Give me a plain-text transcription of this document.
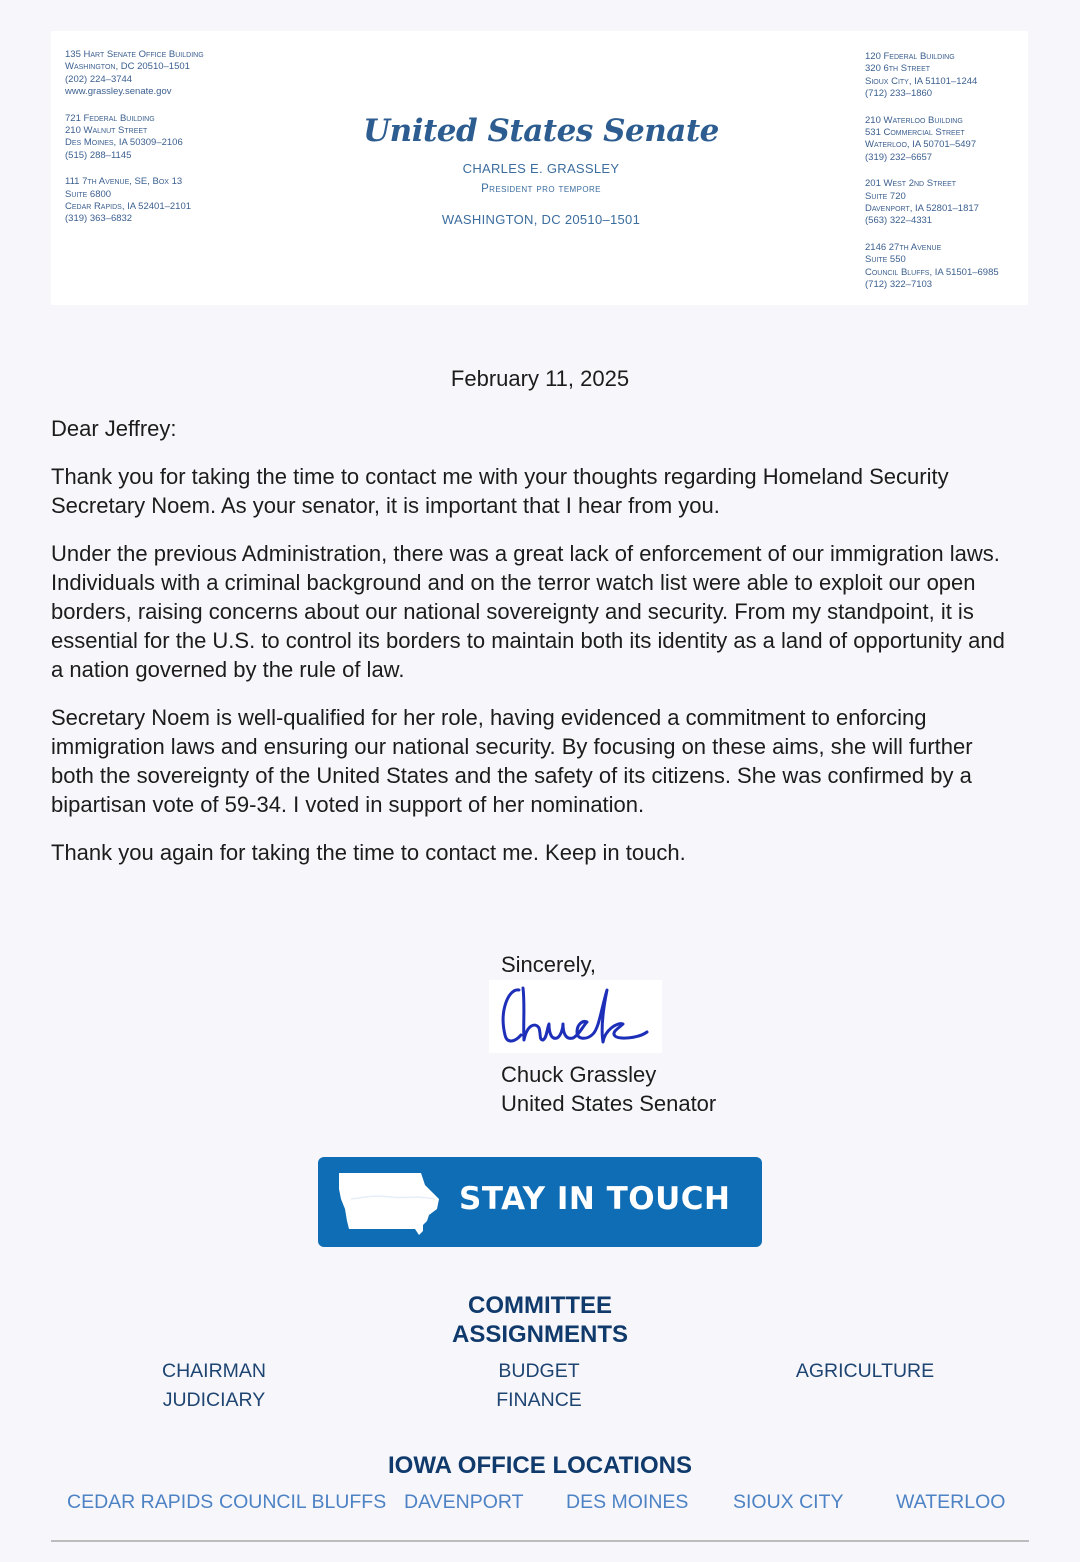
135 Hart Senate Office Building
Washington, DC 20510–1501
(202) 224–3744
www.grassley.senate.gov
721 Federal Building
210 Walnut Street
Des Moines, IA 50309–2106
(515) 288–1145
111 7th Avenue, SE, Box 13
Suite 6800
Cedar Rapids, IA 52401–2101
(319) 363–6832
United States Senate
CHARLES E. GRASSLEY
President pro tempore
WASHINGTON, DC 20510–1501
120 Federal Building
320 6th Street
Sioux City, IA 51101–1244
(712) 233–1860
210 Waterloo Building
531 Commercial Street
Waterloo, IA 50701–5497
(319) 232–6657
201 West 2nd Street
Suite 720
Davenport, IA 52801–1817
(563) 322–4331
2146 27th Avenue
Suite 550
Council Bluffs, IA 51501–6985
(712) 322–7103
February 11, 2025
Dear Jeffrey:

Thank you for taking the time to contact me with your thoughts regarding Homeland Security Secretary Noem. As your senator, it is important that I hear from you.

Under the previous Administration, there was a great lack of enforcement of our immigration laws. Individuals with a criminal background and on the terror watch list were able to exploit our open borders, raising concerns about our national sovereignty and security. From my standpoint, it is essential for the U.S. to control its borders to maintain both its identity as a land of opportunity and a nation governed by the rule of law.

Secretary Noem is well-qualified for her role, having evidenced a commitment to enforcing immigration laws and ensuring our national security. By focusing on these aims, she will further both the sovereignty of the United States and the safety of its citizens. She was confirmed by a bipartisan vote of 59-34. I voted in support of her nomination.

Thank you again for taking the time to contact me. Keep in touch.

Sincerely,
Chuck Grassley
United States Senator
STAY IN TOUCH
COMMITTEE
ASSIGNMENTS
CHAIRMAN
JUDICIARY
BUDGET
FINANCE
AGRICULTURE
IOWA OFFICE LOCATIONS
CEDAR RAPIDS COUNCIL BLUFFS DAVENPORT DES MOINES SIOUX CITY	WATERLOO
